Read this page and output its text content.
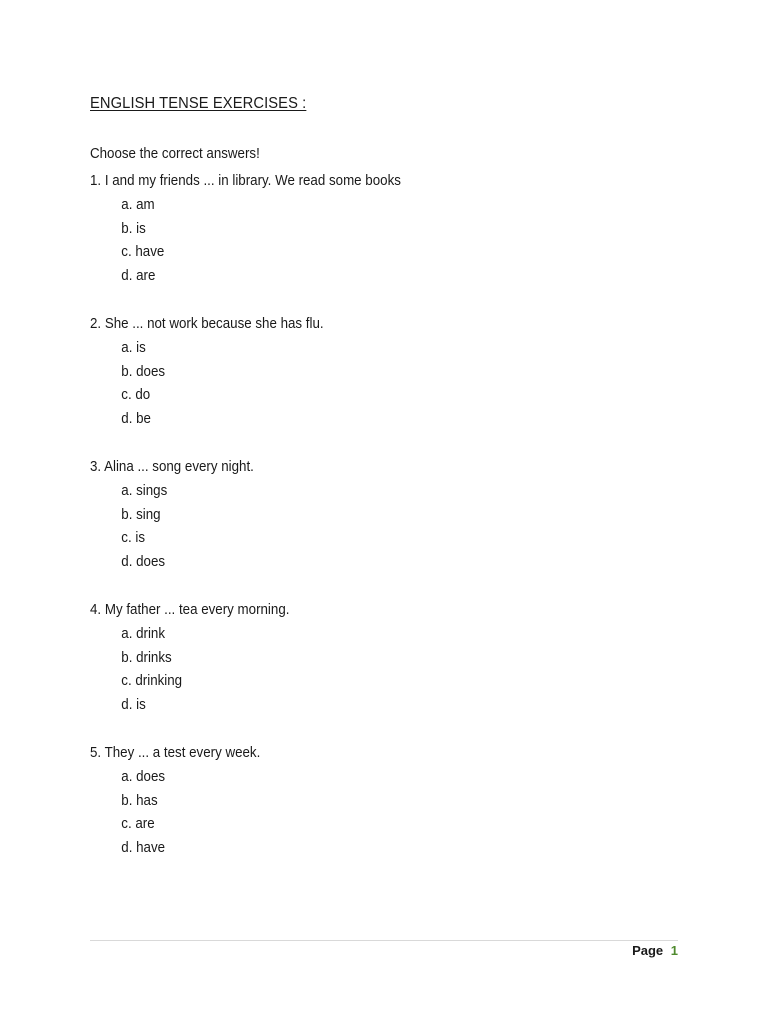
ENGLISH TENSE EXERCISES :
Choose the correct answers!
1. I and my friends ... in library. We read some books
a. am
b. is
c. have
d. are
2. She ... not work because she has flu.
a. is
b. does
c. do
d. be
3. Alina ... song every night.
a. sings
b. sing
c. is
d. does
4. My father ... tea every morning.
a. drink
b. drinks
c. drinking
d. is
5. They ... a test every week.
a. does
b. has
c. are
d. have
Page 1
